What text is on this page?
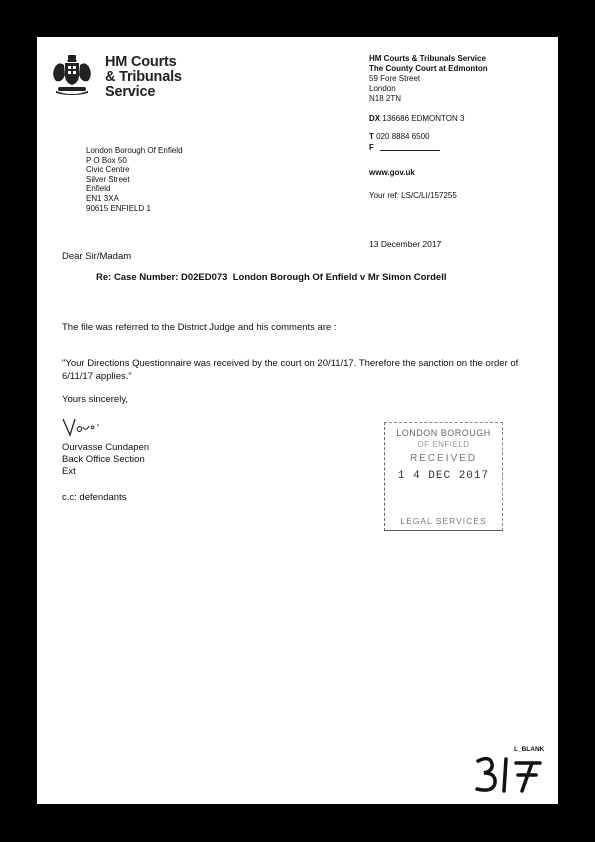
HM Courts
& Tribunals
Service
HM Courts & Tribunals Service
The County Court at Edmonton
59 Fore Street
London
N18 2TN
DX 136686 EDMONTON 3
T 020 8884 6500
F
www.gov.uk
Your ref: LS/C/LI/157255
London Borough Of Enfield
P O Box 50
Civic Centre
Silver Street
Enfield
EN1 3XA
90615 ENFIELD 1
13 December 2017
Dear Sir/Madam
Re: Case Number: D02ED073  London Borough Of Enfield v Mr Simon Cordell
The file was referred to the District Judge and his comments are :
"Your Directions Questionnaire was received by the court on 20/11/17. Therefore the sanction on the order of 6/11/17 applies."
Yours sincerely,
Ourvasse Cundapen
Back Office Section
Ext
c.c: defendants
LONDON BOROUGH
OF ENFIELD
RECEIVED
1 4 DEC 2017
LEGAL SERVICES
L_BLANK
